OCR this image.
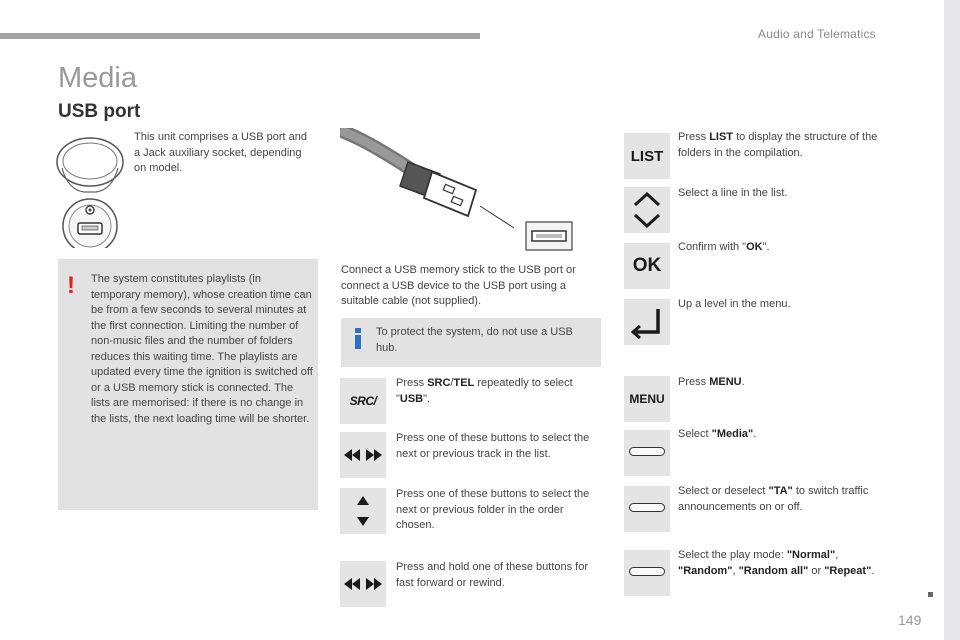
Audio and Telematics
Media
USB port
This unit comprises a USB port and a Jack auxiliary socket, depending on model.
! The system constitutes playlists (in temporary memory), whose creation time can be from a few seconds to several minutes at the first connection. Limiting the number of non-music files and the number of folders reduces this waiting time. The playlists are updated every time the ignition is switched off or a USB memory stick is connected. The lists are memorised: if there is no change in the lists, the next loading time will be shorter.
Connect a USB memory stick to the USB port or connect a USB device to the USB port using a suitable cable (not supplied).
To protect the system, do not use a USB hub.
SRC/
Press SRC/TEL repeatedly to select "USB".
Press one of these buttons to select the next or previous track in the list.
Press one of these buttons to select the next or previous folder in the order chosen.
Press and hold one of these buttons for fast forward or rewind.
LIST
Press LIST to display the structure of the folders in the compilation.
Select a line in the list.
OK
Confirm with "OK".
Up a level in the menu.
MENU
Press MENU.
Select "Media".
Select or deselect "TA" to switch traffic announcements on or off.
Select the play mode: "Normal", "Random", "Random all" or "Repeat".
149
